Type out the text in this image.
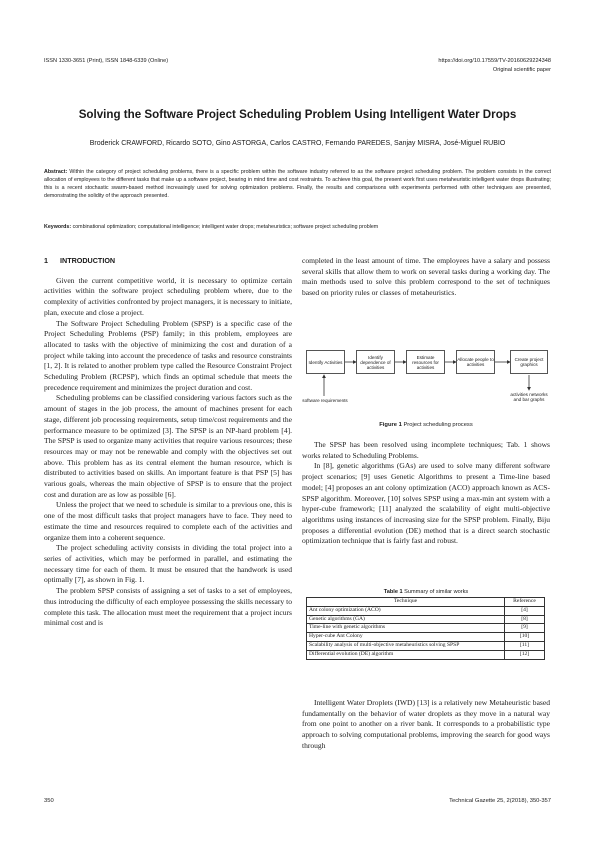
ISSN 1330-3651 (Print), ISSN 1848-6339 (Online)	https://doi.org/10.17559/TV-20160629224348
Original scientific paper
Solving the Software Project Scheduling Problem Using Intelligent Water Drops
Broderick CRAWFORD, Ricardo SOTO, Gino ASTORGA, Carlos CASTRO, Fernando PAREDES, Sanjay MISRA, José-Miguel RUBIO
Abstract: Within the category of project scheduling problems, there is a specific problem within the software industry referred to as the software project scheduling problem. The problem consists in the correct allocation of employees to the different tasks that make up a software project, bearing in mind time and cost restraints. To achieve this goal, the present work first uses metaheuristic intelligent water drops illustrating; this is a recent stochastic swarm-based method increasingly used for solving optimization problems. Finally, the results and comparisons with experiments performed with other techniques are presented, demonstrating the solidity of the approach presented.
Keywords: combinational optimization; computational intelligence; intelligent water drops; metaheuristics; software project scheduling problem
1 INTRODUCTION

Given the current competitive world, it is necessary to optimize certain activities within the software project scheduling problem where, due to the complexity of activities confronted by project managers, it is necessary to initiate, plan, execute and close a project.

The Software Project Scheduling Problem (SPSP) is a specific case of the Project Scheduling Problems (PSP) family; in this problem, employees are allocated to tasks with the objective of minimizing the cost and duration of a project while taking into account the precedence of tasks and resource constraints [1, 2]. It is related to another problem type called the Resource Constraint Project Scheduling Problem (RCPSP), which finds an optimal schedule that meets the precedence requirement and minimizes the project duration and cost.

Scheduling problems can be classified considering various factors such as the amount of stages in the job process, the amount of machines present for each stage, different job processing requirements, setup time/cost requirements and the performance measure to be optimized [3]. The SPSP is an NP-hard problem [4]. The SPSP is used to organize many activities that require various resources; these resources may or may not be renewable and comply with the objectives set out above. This problem has as its central element the human resource, which is distributed to activities based on skills. An important feature is that PSP [5] has various goals, whereas the main objective of SPSP is to ensure that the project cost and duration are as low as possible [6].

Unless the project that we need to schedule is similar to a previous one, this is one of the most difficult tasks that project managers have to face. They need to estimate the time and resources required to complete each of the activities and organize them into a coherent sequence.

The project scheduling activity consists in dividing the total project into a series of activities, which may be performed in parallel, and estimating the necessary time for each of them. It must be ensured that the handwork is used optimally [7], as shown in Fig. 1.

The problem SPSP consists of assigning a set of tasks to a set of employees, thus introducing the difficulty of each employee possessing the skills necessary to complete this task. The allocation must meet the requirement that a project incurs minimal cost and is

completed in the least amount of time. The employees have a salary and possess several skills that allow them to work on several tasks during a working day. The main methods used to solve this problem correspond to the set of techniques based on priority rules or classes of metaheuristics.

Identify Activities
Identify dependence of activities
Estimate resources for activities
Allocate people to activities
Create project graphics
software requirements
activities networks and bar graphs
Figure 1 Project scheduling process

The SPSP has been resolved using incomplete techniques; Tab. 1 shows works related to Scheduling Problems.

In [8], genetic algorithms (GAs) are used to solve many different software project scenarios; [9] uses Genetic Algorithms to present a Time-line based model; [4] proposes an ant colony optimization (ACO) approach known as ACS-SPSP algorithm. Moreover, [10] solves SPSP using a max-min ant system with a hyper-cube framework; [11] analyzed the scalability of eight multi-objective algorithms using instances of increasing size for the SPSP problem. Finally, Biju proposes a differential evolution (DE) method that is a direct search stochastic optimization technique that is fairly fast and robust.

Table 1 Summary of similar works
Technique	Reference
Ant colony optimization (ACO)	[4]
Genetic algorithms (GA)	[8]
Time-line with genetic algorithms	[9]
Hyper-cube Ant Colony	[10]
Scalability analysis of multi-objective metaheuristics solving SPSP	[11]
Differential evolution (DE) algorithm	[12]

Intelligent Water Droplets (IWD) [13] is a relatively new Metaheuristic based fundamentally on the behavior of water droplets as they move in a natural way from one point to another on a river bank. It corresponds to a probabilistic type approach to solving computational problems, improving the search for good ways through

350	Technical Gazette 25, 2(2018), 350-357
